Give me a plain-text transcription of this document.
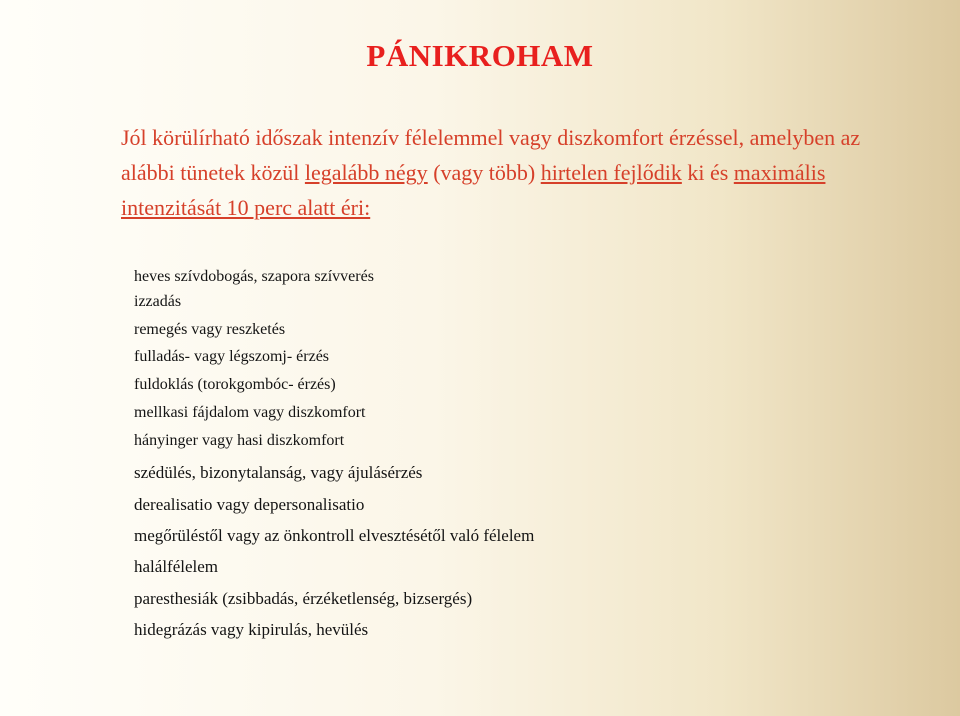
PÁNIKROHAM

Jól körülírható időszak intenzív félelemmel vagy diszkomfort érzéssel, amelyben az alábbi tünetek közül legalább négy (vagy több) hirtelen fejlődik ki és maximális intenzitását 10 perc alatt éri:

heves szívdobogás, szapora szívverés
izzadás
remegés vagy reszketés
fulladás- vagy légszomj- érzés
fuldoklás (torokgombóc- érzés)
mellkasi fájdalom vagy diszkomfort
hányinger vagy hasi diszkomfort
szédülés, bizonytalanság, vagy ájulásérzés
derealisatio vagy depersonalisatio
megőrüléstől vagy az önkontroll elvesztésétől való félelem
halálfélelem
paresthesiák (zsibbadás, érzéketlenség, bizsergés)
hidegrázás vagy kipirulás, hevülés
